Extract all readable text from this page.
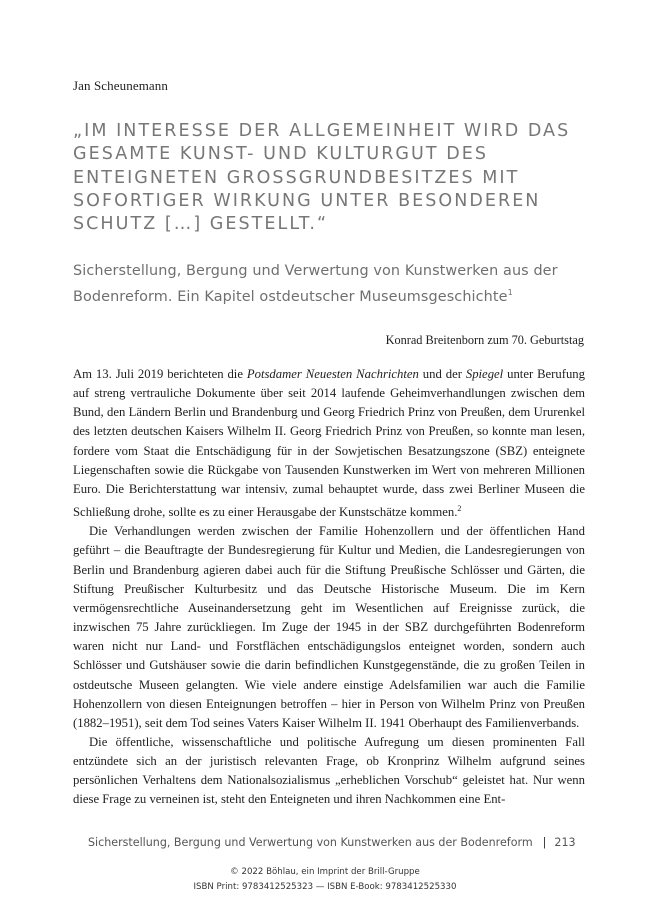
Jan Scheunemann
„IM INTERESSE DER ALLGEMEINHEIT WIRD DAS GESAMTE KUNST- UND KULTURGUT DES ENTEIGNETEN GROSSGRUNDBESITZES MIT SOFORTIGER WIRKUNG UNTER BESONDEREN SCHUTZ […] GESTELLT.“
Sicherstellung, Bergung und Verwertung von Kunstwerken aus der Bodenreform. Ein Kapitel ostdeutscher Museumsgeschichte$^1$
Konrad Breitenborn zum 70. Geburtstag

Am 13. Juli 2019 berichteten die Potsdamer Neuesten Nachrichten und der Spiegel unter Berufung auf streng vertrauliche Dokumente über seit 2014 laufende Geheimverhandlungen zwischen dem Bund, den Ländern Berlin und Brandenburg und Georg Friedrich Prinz von Preußen, dem Ururenkel des letzten deutschen Kaisers Wilhelm II. Georg Friedrich Prinz von Preußen, so konnte man lesen, fordere vom Staat die Entschädigung für in der Sowjetischen Besatzungszone (SBZ) enteignete Liegenschaften sowie die Rückgabe von Tausenden Kunstwerken im Wert von mehreren Millionen Euro. Die Berichterstattung war intensiv, zumal behauptet wurde, dass zwei Berliner Museen die Schließung drohe, sollte es zu einer Herausgabe der Kunstschätze kommen.$^2$

Die Verhandlungen werden zwischen der Familie Hohenzollern und der öffentlichen Hand geführt – die Beauftragte der Bundesregierung für Kultur und Medien, die Landesregierungen von Berlin und Brandenburg agieren dabei auch für die Stiftung Preußische Schlösser und Gärten, die Stiftung Preußischer Kulturbesitz und das Deutsche Historische Museum. Die im Kern vermögensrechtliche Auseinandersetzung geht im Wesentlichen auf Ereignisse zurück, die inzwischen 75 Jahre zurückliegen. Im Zuge der 1945 in der SBZ durchgeführten Bodenreform waren nicht nur Land- und Forstflächen entschädigungslos enteignet worden, sondern auch Schlösser und Gutshäuser sowie die darin befindlichen Kunstgegenstände, die zu großen Teilen in ostdeutsche Museen gelangten. Wie viele andere einstige Adelsfamilien war auch die Familie Hohenzollern von diesen Enteignungen betroffen – hier in Person von Wilhelm Prinz von Preußen (1882–1951), seit dem Tod seines Vaters Kaiser Wilhelm II. 1941 Oberhaupt des Familienverbands.

Die öffentliche, wissenschaftliche und politische Aufregung um diesen prominenten Fall entzündete sich an der juristisch relevanten Frage, ob Kronprinz Wilhelm aufgrund seines persönlichen Verhaltens dem Nationalsozialismus „erheblichen Vorschub“ geleistet hat. Nur wenn diese Frage zu verneinen ist, steht den Enteigneten und ihren Nachkommen eine Ent-

Sicherstellung, Bergung und Verwertung von Kunstwerken aus der Bodenreform | 213
© 2022 Böhlau, ein Imprint der Brill-Gruppe
ISBN Print: 9783412525323 — ISBN E-Book: 9783412525330
